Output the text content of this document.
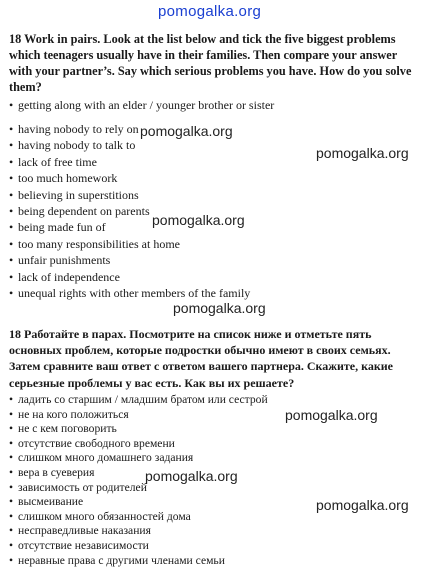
pomogalka.org
pomogalka.org
pomogalka.org
pomogalka.org
pomogalka.org
pomogalka.org
pomogalka.org
pomogalka.org

18 Work in pairs. Look at the list below and tick the five biggest problems which teenagers usually have in their families. Then compare your answer with your partner’s. Say which serious problems you have. How do you solve them?

• getting along with an elder / younger brother or sister
• having nobody to rely on
• having nobody to talk to
• lack of free time
• too much homework
• believing in superstitions
• being dependent on parents
• being made fun of
• too many responsibilities at home
• unfair punishments
• lack of independence
• unequal rights with other members of the family

18 Работайте в парах. Посмотрите на список ниже и отметьте пять основных проблем, которые подростки обычно имеют в своих семьях. Затем сравните ваш ответ с ответом вашего партнера. Скажите, какие серьезные проблемы у вас есть. Как вы их решаете?

• ладить со старшим / младшим братом или сестрой
• не на кого положиться
• не с кем поговорить
• отсутствие свободного времени
• слишком много домашнего задания
• вера в суеверия
• зависимость от родителей
• высмеивание
• слишком много обязанностей дома
• несправедливые наказания
• отсутствие независимости
• неравные права с другими членами семьи
